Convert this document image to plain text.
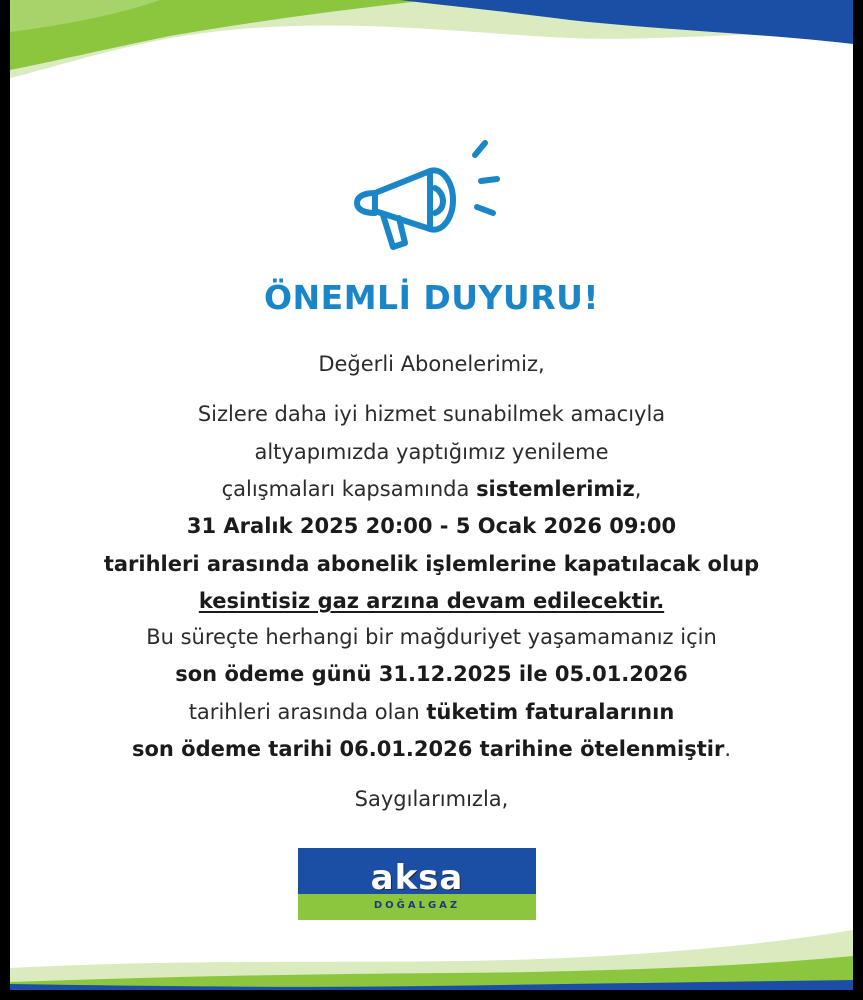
ÖNEMLİ DUYURU!
Değerli Abonelerimiz,
Sizlere daha iyi hizmet sunabilmek amacıyla
altyapımızda yaptığımız yenileme
çalışmaları kapsamında sistemlerimiz,
31 Aralık 2025 20:00 - 5 Ocak 2026 09:00
tarihleri arasında abonelik işlemlerine kapatılacak olup
kesintisiz gaz arzına devam edilecektir.
Bu süreçte herhangi bir mağduriyet yaşamamanız için
son ödeme günü 31.12.2025 ile 05.01.2026
tarihleri arasında olan tüketim faturalarının
son ödeme tarihi 06.01.2026 tarihine ötelenmiştir.
Saygılarımızla,
aksa
DOĞALGAZ
